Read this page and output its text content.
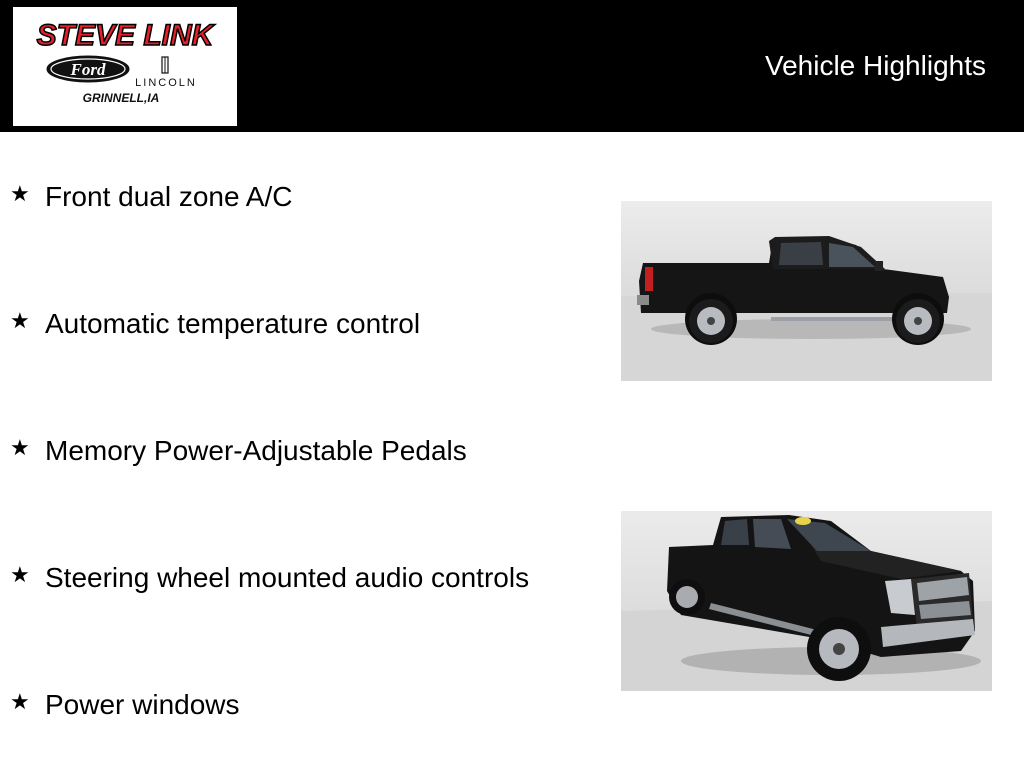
STEVE LINK
Ford
LINCOLN
GRINNELL,IA
Vehicle Highlights
★ Front dual zone A/C
★ Automatic temperature control
★ Memory Power-Adjustable Pedals
★ Steering wheel mounted audio controls
★ Power windows
